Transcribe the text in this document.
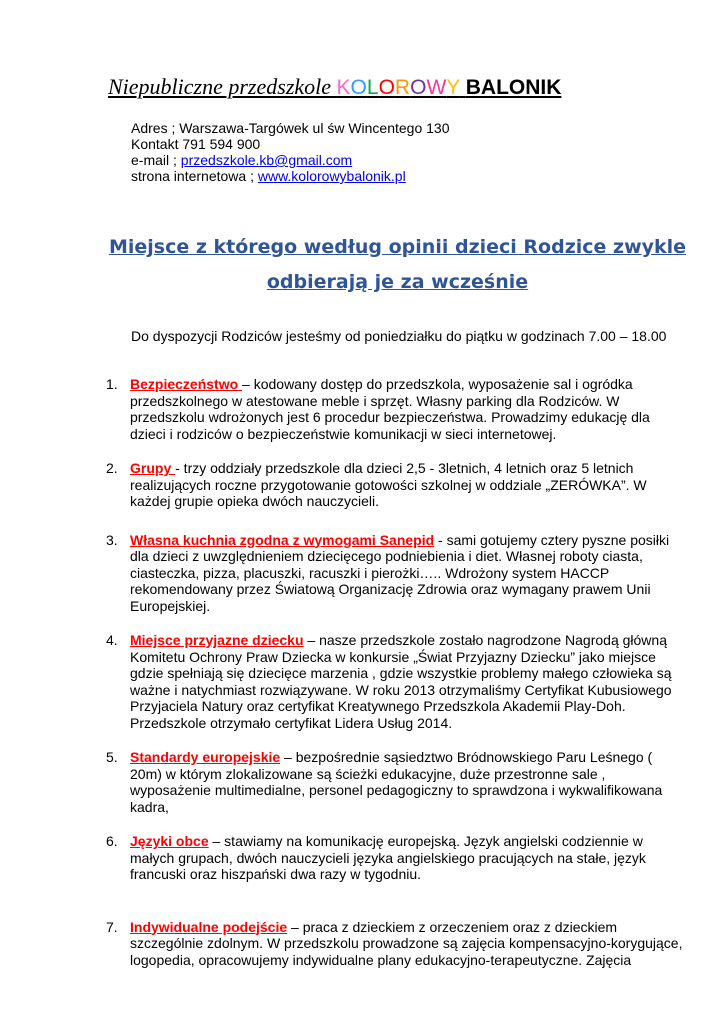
Niepubliczne przedszkole KOLOROWY BALONIK
Adres ; Warszawa-Targówek ul św Wincentego 130
Kontakt 791 594 900
e-mail ; przedszkole.kb@gmail.com
strona internetowa ; www.kolorowybalonik.pl
Miejsce z którego według opinii dzieci Rodzice zwykle
odbierają je za wcześnie
Do dyspozycji Rodziców jesteśmy od poniedziałku do piątku w godzinach 7.00 – 18.00
1. Bezpieczeństwo – kodowany dostęp do przedszkola, wyposażenie sal i ogródka przedszkolnego w atestowane meble i sprzęt. Własny parking dla Rodziców. W przedszkolu wdrożonych jest 6 procedur bezpieczeństwa. Prowadzimy edukację dla dzieci i rodziców o bezpieczeństwie komunikacji w sieci internetowej.
2. Grupy - trzy oddziały przedszkole dla dzieci 2,5 - 3letnich, 4 letnich oraz 5 letnich realizujących roczne przygotowanie gotowości szkolnej w oddziale „ZERÓWKA”. W każdej grupie opieka dwóch nauczycieli.
3. Własna kuchnia zgodna z wymogami Sanepid - sami gotujemy cztery pyszne posiłki dla dzieci z uwzględnieniem dziecięcego podniebienia i diet. Własnej roboty ciasta, ciasteczka, pizza, placuszki, racuszki i pierożki….. Wdrożony system HACCP rekomendowany przez Światową Organizację Zdrowia oraz wymagany prawem Unii Europejskiej.
4. Miejsce przyjazne dziecku – nasze przedszkole zostało nagrodzone Nagrodą główną Komitetu Ochrony Praw Dziecka w konkursie „Świat Przyjazny Dziecku” jako miejsce gdzie spełniają się dziecięce marzenia , gdzie wszystkie problemy małego człowieka są ważne i natychmiast rozwiązywane. W roku 2013 otrzymaliśmy Certyfikat Kubusiowego Przyjaciela Natury oraz certyfikat Kreatywnego Przedszkola Akademii Play-Doh. Przedszkole otrzymało certyfikat Lidera Usług 2014.
5. Standardy europejskie – bezpośrednie sąsiedztwo Bródnowskiego Paru Leśnego ( 20m) w którym zlokalizowane są ścieżki edukacyjne, duże przestronne sale , wyposażenie multimedialne, personel pedagogiczny to sprawdzona i wykwalifikowana kadra,
6. Języki obce – stawiamy na komunikację europejską. Język angielski codziennie w małych grupach, dwóch nauczycieli języka angielskiego pracujących na stałe, język francuski oraz hiszpański dwa razy w tygodniu.
7. Indywidualne podejście – praca z dzieckiem z orzeczeniem oraz z dzieckiem szczególnie zdolnym. W przedszkolu prowadzone są zajęcia kompensacyjno-korygujące, logopedia, opracowujemy indywidualne plany edukacyjno-terapeutyczne. Zajęcia
